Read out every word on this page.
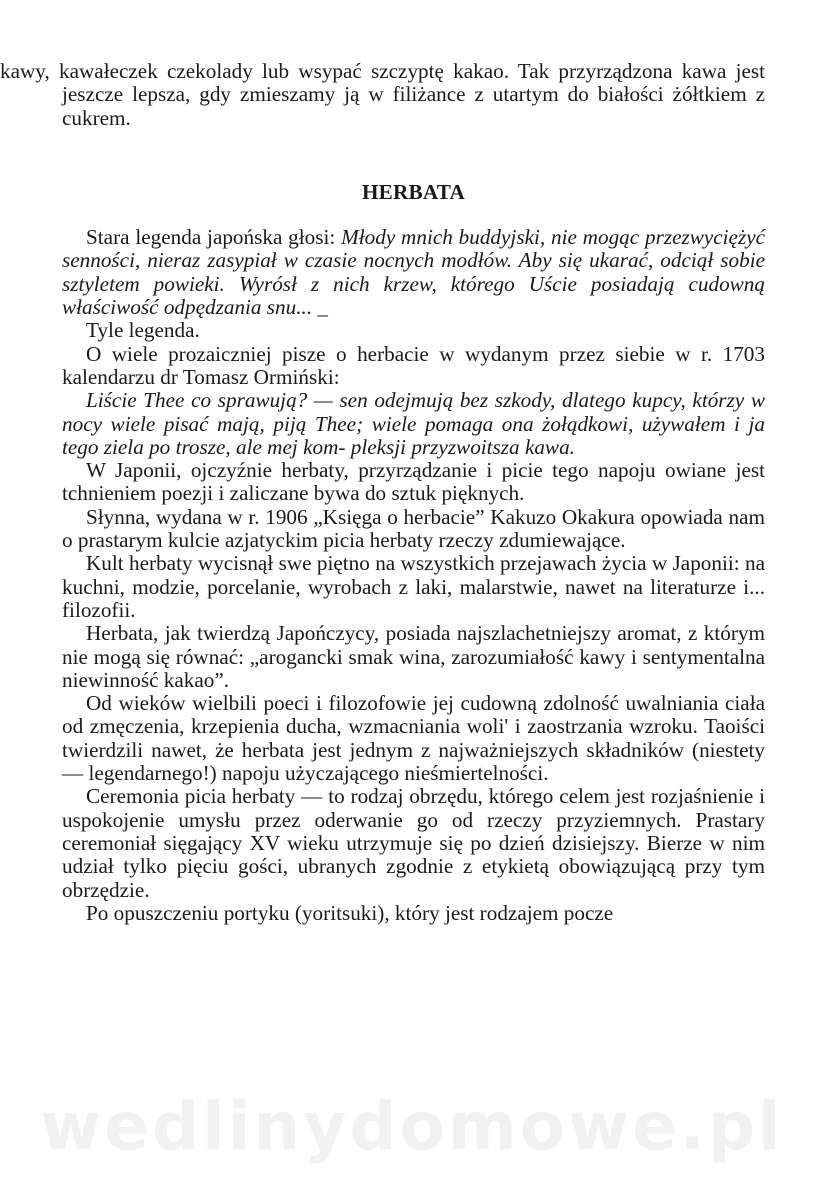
kawy, kawałeczek czekolady lub wsypać szczyptę kakao. Tak przyrządzona kawa jest jeszcze lepsza, gdy zmieszamy ją w filiżance z utartym do białości żółtkiem z cukrem.

HERBATA

Stara legenda japońska głosi: Młody mnich buddyjski, nie mogąc przezwyciężyć senności, nieraz zasypiał w czasie nocnych modłów. Aby się ukarać, odciął sobie sztyletem powieki. Wyrósł z nich krzew, którego Uście posiadają cudowną właściwość odpędzania snu... _

Tyle legenda.

O wiele prozaiczniej pisze o herbacie w wydanym przez siebie w r. 1703 kalendarzu dr Tomasz Ormiński:

Liście Thee co sprawują? — sen odejmują bez szkody, dlatego kupcy, którzy w nocy wiele pisać mają, piją Thee; wiele pomaga ona żołądkowi, używałem i ja tego ziela po trosze, ale mej kom- pleksji przyzwoitsza kawa.

W Japonii, ojczyźnie herbaty, przyrządzanie i picie tego napoju owiane jest tchnieniem poezji i zaliczane bywa do sztuk pięknych.

Słynna, wydana w r. 1906 „Księga o herbacie” Kakuzo Okakura opowiada nam o prastarym kulcie azjatyckim picia herbaty rzeczy zdumiewające.

Kult herbaty wycisnął swe piętno na wszystkich przejawach życia w Japonii: na kuchni, modzie, porcelanie, wyrobach z laki, malarstwie, nawet na literaturze i... filozofii.

Herbata, jak twierdzą Japończycy, posiada najszlachetniejszy aromat, z którym nie mogą się równać: „arogancki smak wina, zarozumiałość kawy i sentymentalna niewinność kakao”.

Od wieków wielbili poeci i filozofowie jej cudowną zdolność uwalniania ciała od zmęczenia, krzepienia ducha, wzmacniania woli' i zaostrzania wzroku. Taoiści twierdzili nawet, że herbata jest jednym z najważniejszych składników (niestety — legendarnego!) napoju użyczającego nieśmiertelności.

Ceremonia picia herbaty — to rodzaj obrzędu, którego celem jest rozjaśnienie i uspokojenie umysłu przez oderwanie go od rzeczy przyziemnych. Prastary ceremoniał sięgający XV wieku utrzymuje się po dzień dzisiejszy. Bierze w nim udział tylko pięciu gości, ubranych zgodnie z etykietą obowiązującą przy tym obrzędzie.

Po opuszczeniu portyku (yoritsuki), który jest rodzajem pocze

wedlinydomowe.pl
